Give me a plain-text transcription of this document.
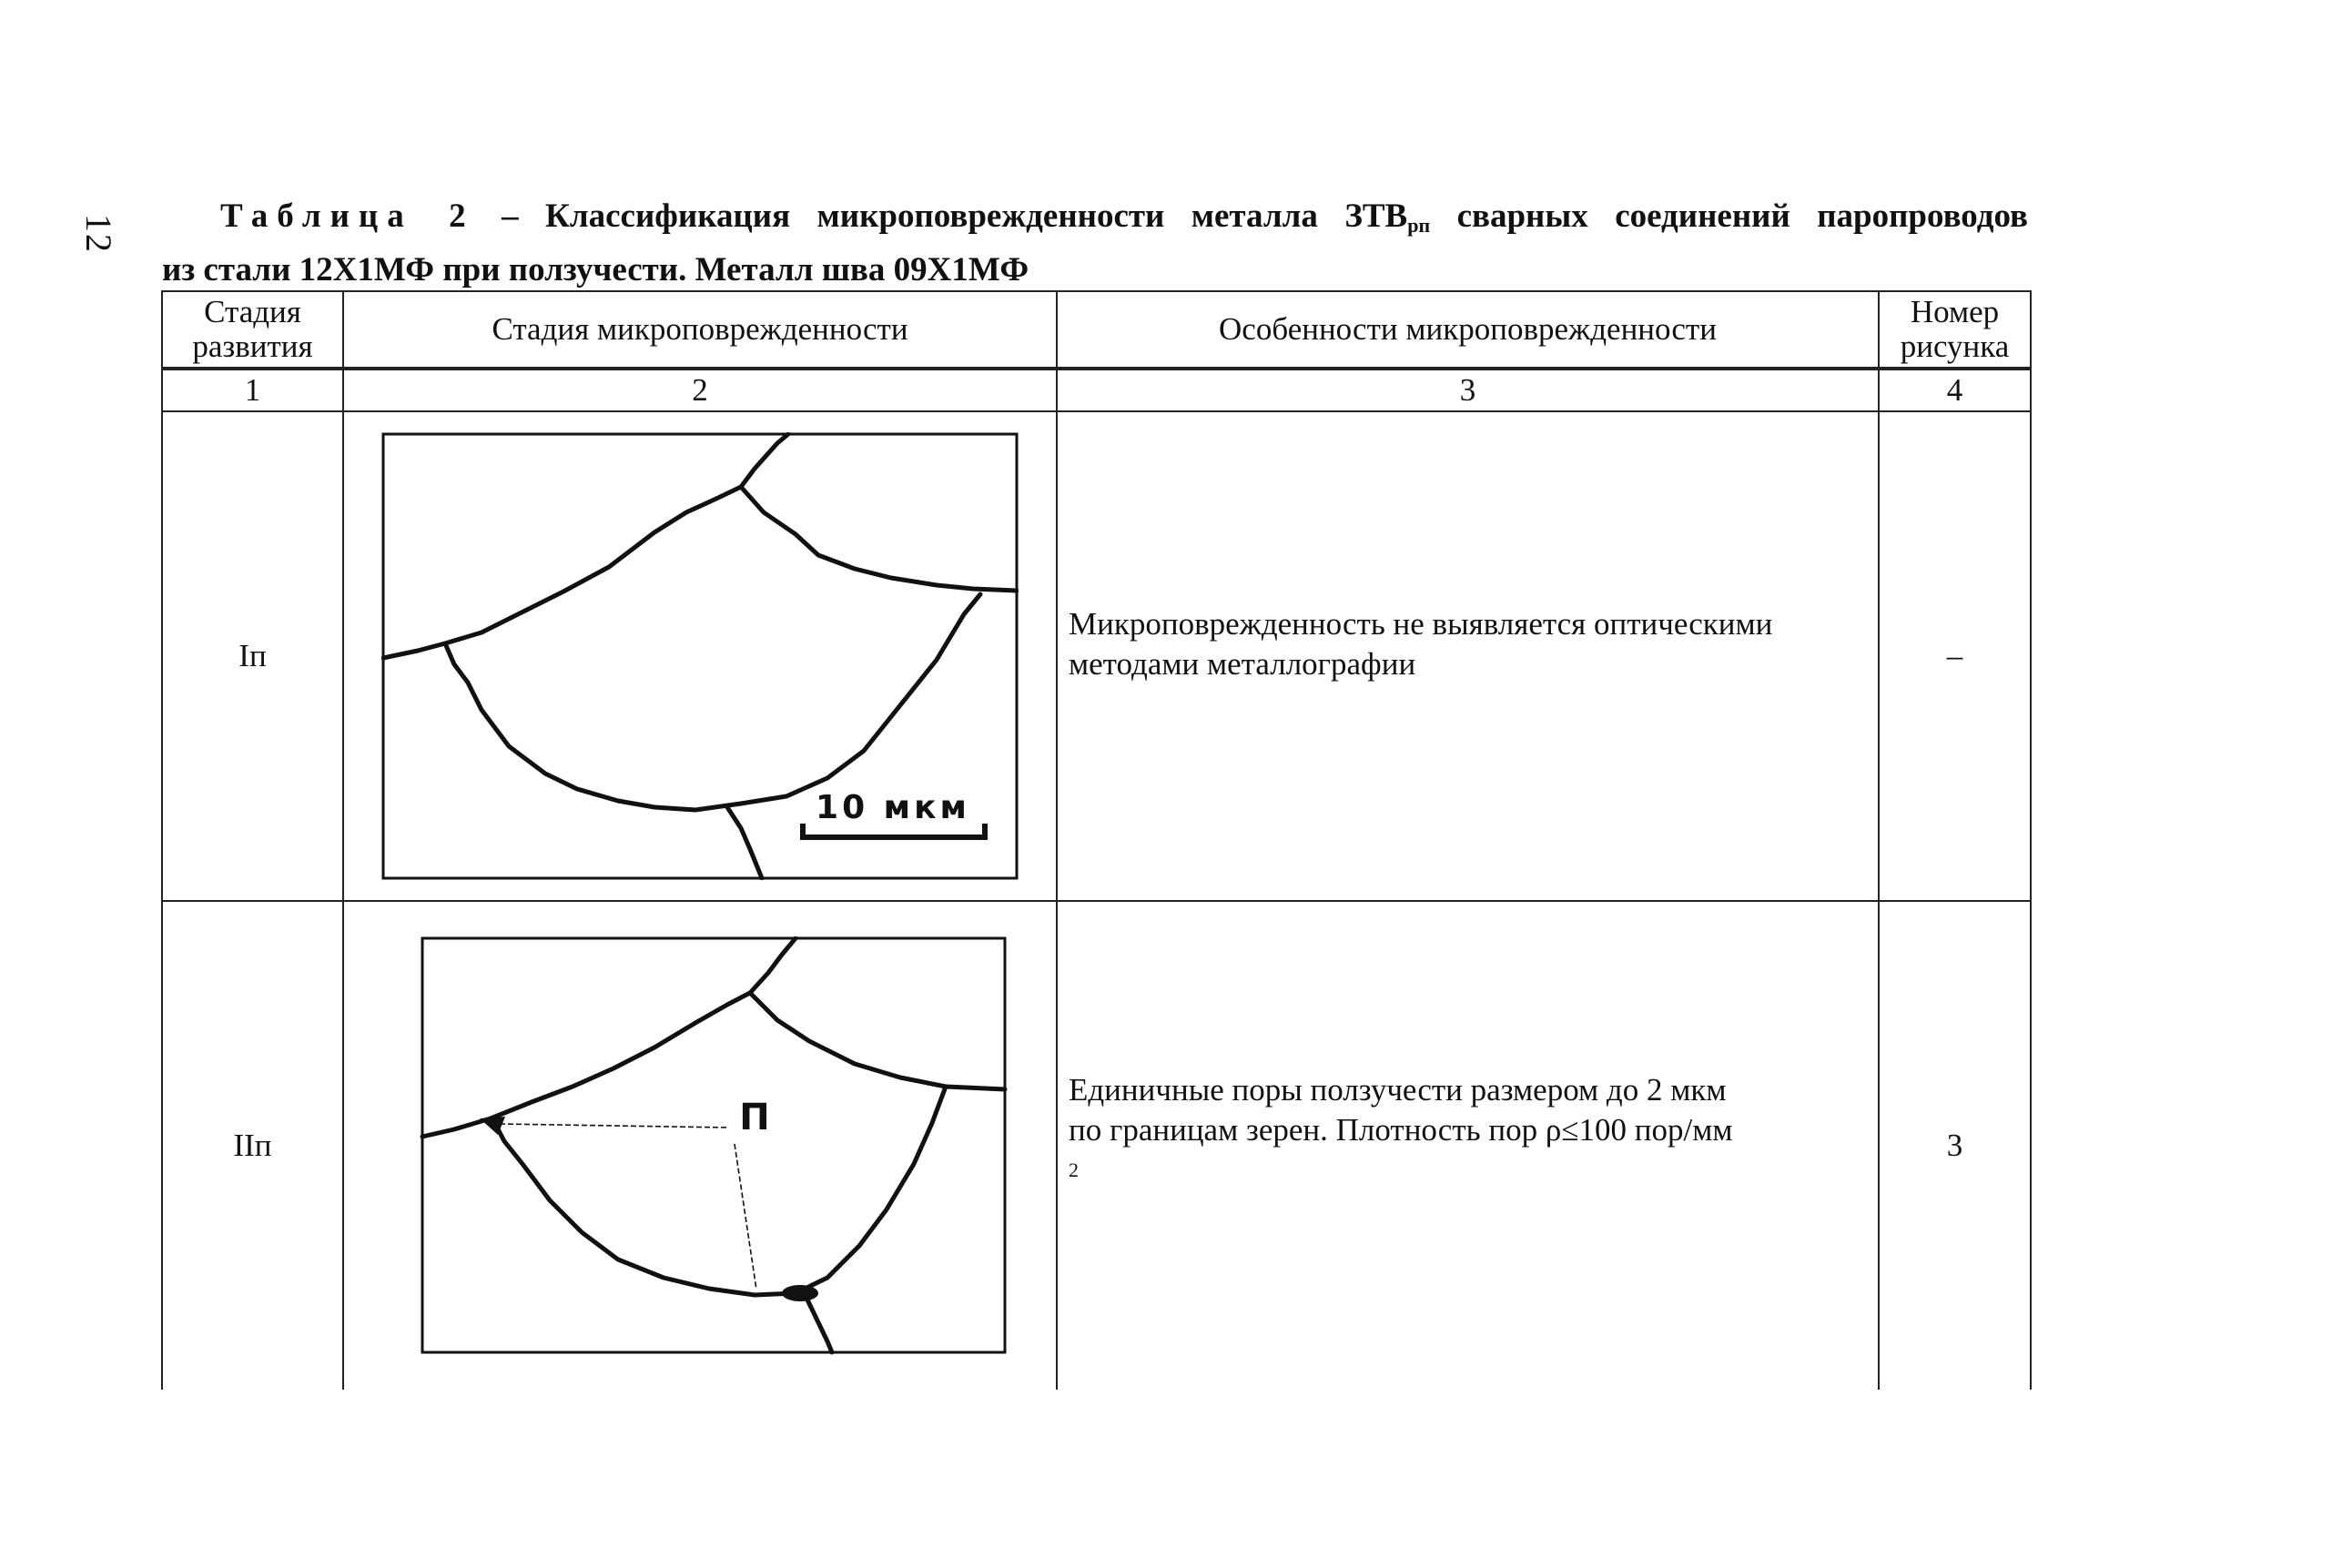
12	Таблица 2 – Классификация микроповрежденности металла $ЗТВ_{рп}$ сварных соединений паропроводов
из стали 12Х1МФ при ползучести. Металл шва 09Х1МФ
Стадия развития	Стадия микроповрежденности	Особенности микроповрежденности	Номер рисунка
1	2	3	4
Iп	10 мкм	Микроповрежденность не выявляется оптическими методами металлографии	–
IIп	П	Единичные поры ползучести размером до 2 мкм
по границам зерен. Плотность пор ρ≤100 пор/мм
$^2$	3
